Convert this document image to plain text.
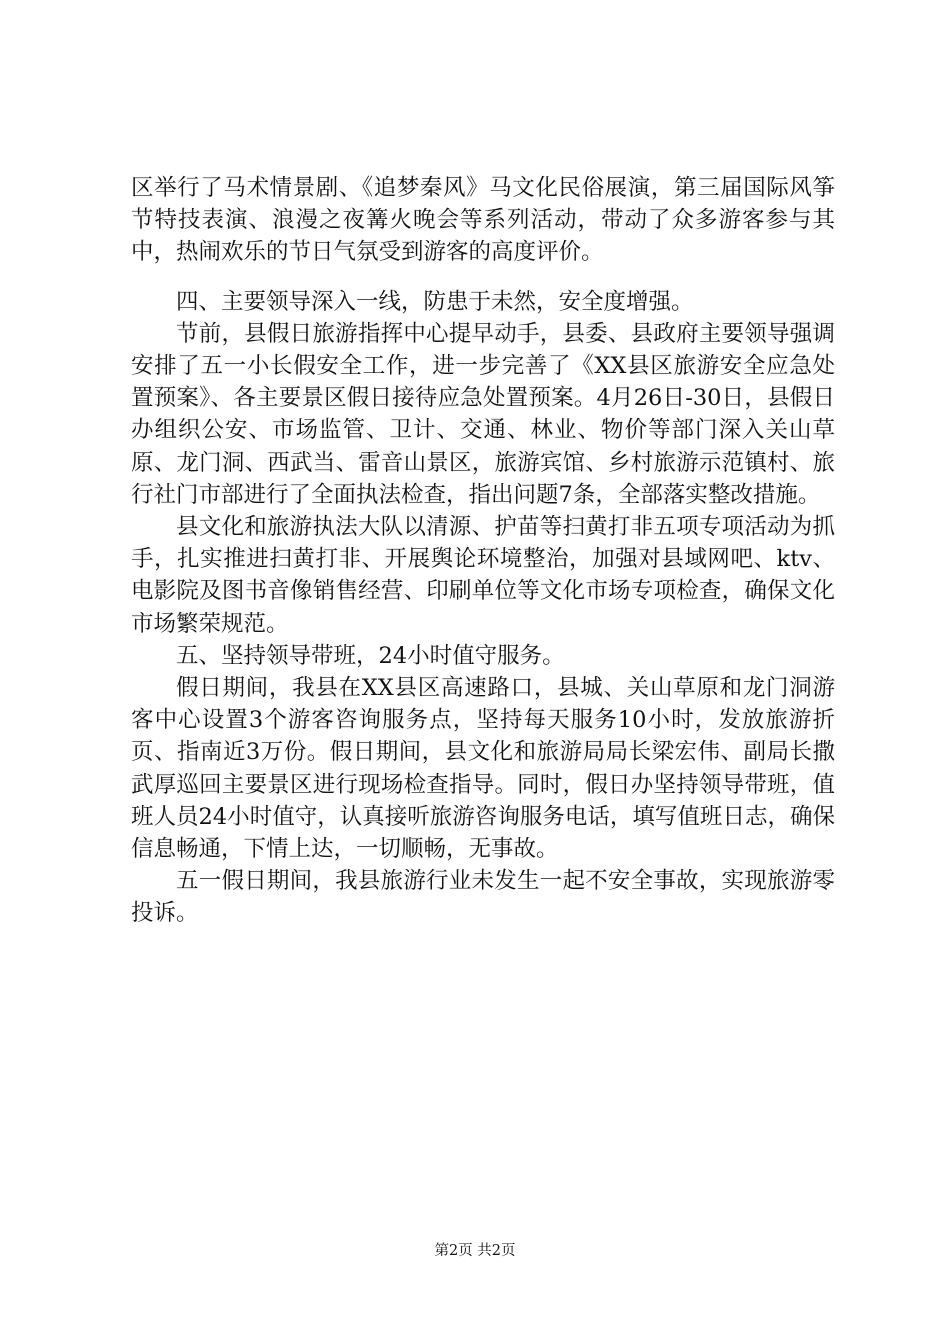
区举行了马术情景剧、《追梦秦风》马文化民俗展演，第三届国际风筝节特技表演、浪漫之夜篝火晚会等系列活动，带动了众多游客参与其中，热闹欢乐的节日气氛受到游客的高度评价。

四、主要领导深入一线，防患于未然，安全度增强。

节前，县假日旅游指挥中心提早动手，县委、县政府主要领导强调安排了五一小长假安全工作，进一步完善了《XX县区旅游安全应急处置预案》、各主要景区假日接待应急处置预案。4月26日-30日，县假日办组织公安、市场监管、卫计、交通、林业、物价等部门深入关山草原、龙门洞、西武当、雷音山景区，旅游宾馆、乡村旅游示范镇村、旅行社门市部进行了全面执法检查，指出问题7条，全部落实整改措施。

县文化和旅游执法大队以清源、护苗等扫黄打非五项专项活动为抓手，扎实推进扫黄打非、开展舆论环境整治，加强对县域网吧、ktv、电影院及图书音像销售经营、印刷单位等文化市场专项检查，确保文化市场繁荣规范。

五、坚持领导带班，24小时值守服务。

假日期间，我县在XX县区高速路口，县城、关山草原和龙门洞游客中心设置3个游客咨询服务点，坚持每天服务10小时，发放旅游折页、指南近3万份。假日期间，县文化和旅游局局长梁宏伟、副局长撒武厚巡回主要景区进行现场检查指导。同时，假日办坚持领导带班，值班人员24小时值守，认真接听旅游咨询服务电话，填写值班日志，确保信息畅通，下情上达，一切顺畅，无事故。

五一假日期间，我县旅游行业未发生一起不安全事故，实现旅游零投诉。

第2页 共2页
